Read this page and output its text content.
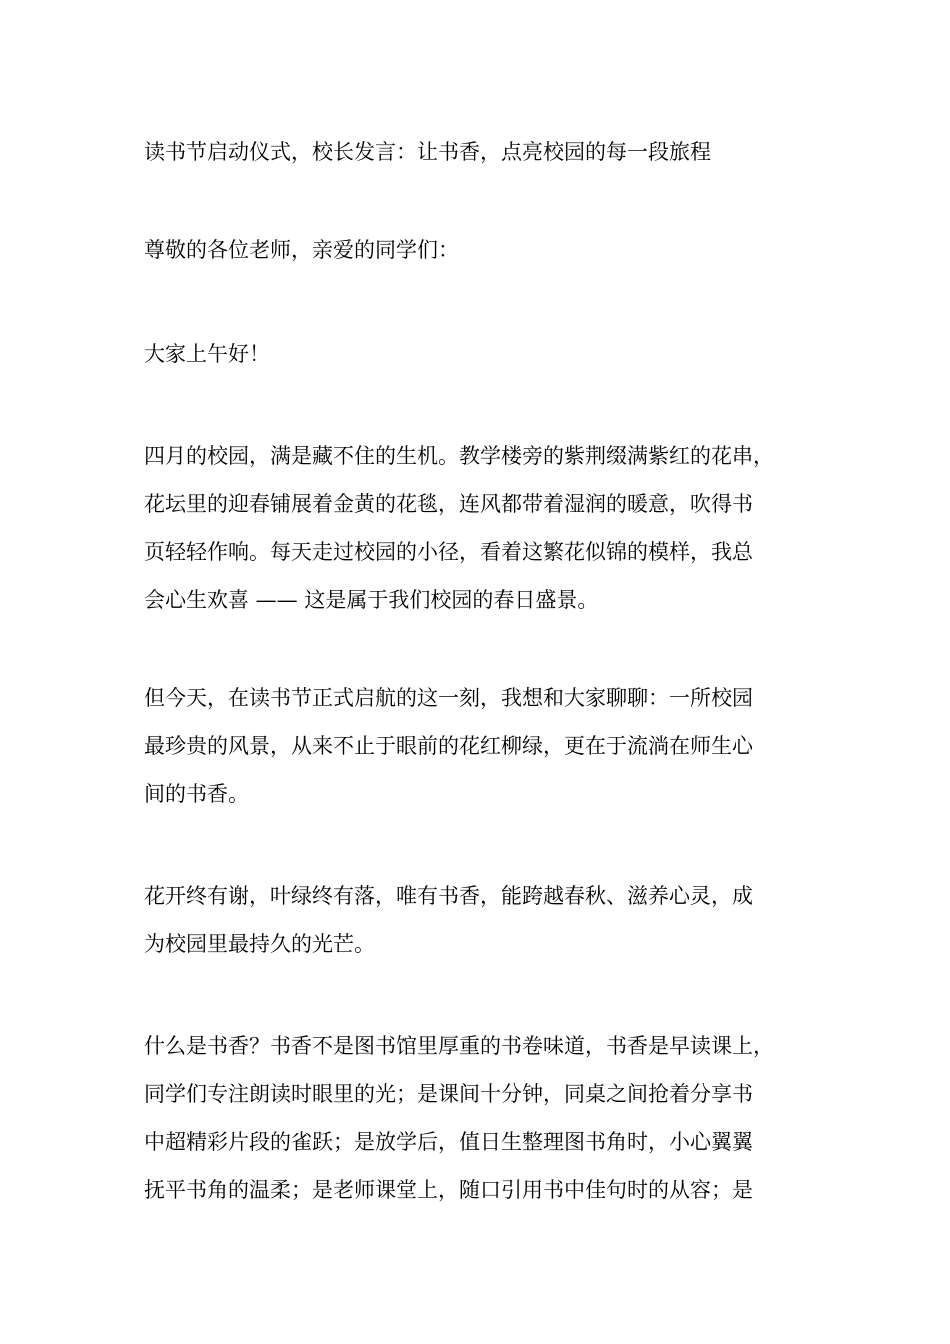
读书节启动仪式，校长发言：让书香，点亮校园的每一段旅程

尊敬的各位老师，亲爱的同学们：

大家上午好！

四月的校园，满是藏不住的生机。教学楼旁的紫荆缀满紫红的花串，
花坛里的迎春铺展着金黄的花毯，连风都带着湿润的暖意，吹得书
页轻轻作响。每天走过校园的小径，看着这繁花似锦的模样，我总
会心生欢喜 —— 这是属于我们校园的春日盛景。

但今天，在读书节正式启航的这一刻，我想和大家聊聊：一所校园
最珍贵的风景，从来不止于眼前的花红柳绿，更在于流淌在师生心
间的书香。

花开终有谢，叶绿终有落，唯有书香，能跨越春秋、滋养心灵，成
为校园里最持久的光芒。

什么是书香？书香不是图书馆里厚重的书卷味道，书香是早读课上，
同学们专注朗读时眼里的光；是课间十分钟，同桌之间抢着分享书
中超精彩片段的雀跃；是放学后，值日生整理图书角时，小心翼翼
抚平书角的温柔；是老师课堂上，随口引用书中佳句时的从容；是
